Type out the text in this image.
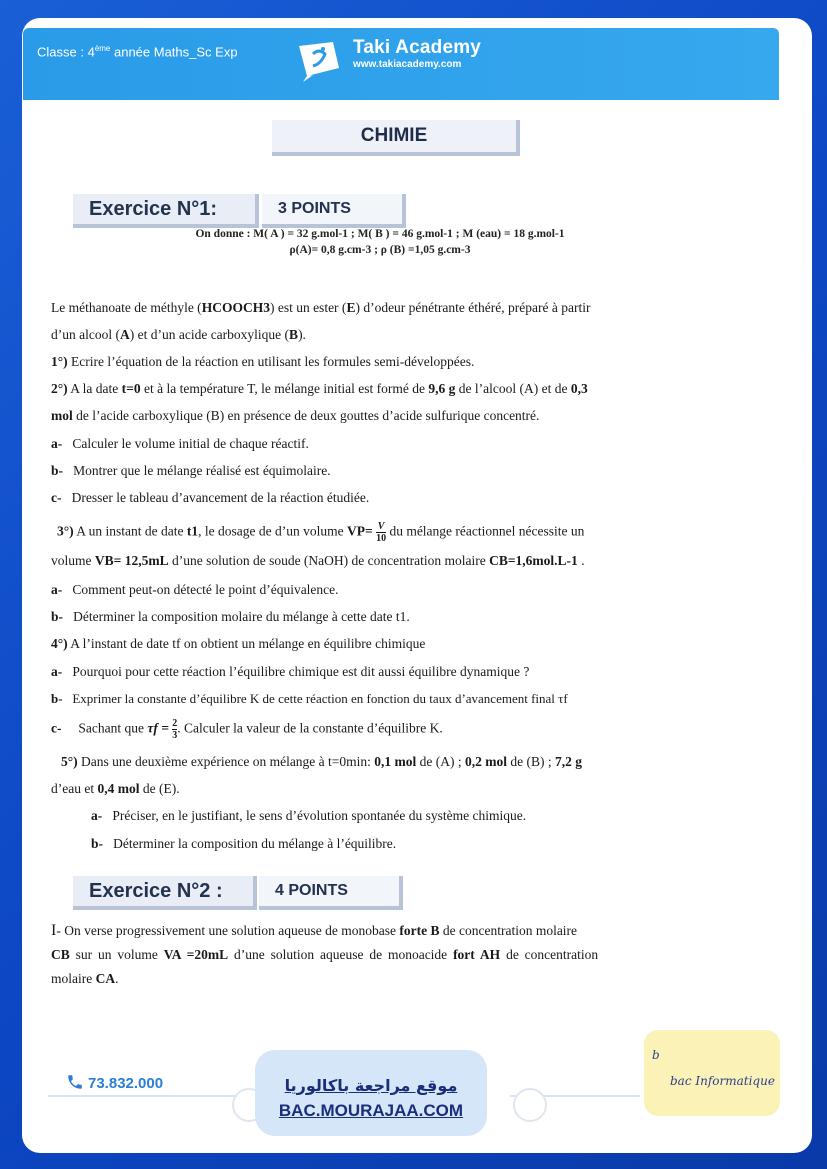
Classe : 4ème année Maths_Sc Exp	Taki Academy
www.takiacademy.com
CHIMIE
Exercice N°1:	3 POINTS
On donne : M( A ) = 32 g.mol-1 ; M( B ) = 46 g.mol-1 ; M (eau) = 18 g.mol-1
ρ(A)= 0,8 g.cm-3 ; ρ (B) =1,05 g.cm-3
Le méthanoate de méthyle (HCOOCH3) est un ester (E) d’odeur pénétrante éthéré, préparé à partir
d’un alcool (A) et d’un acide carboxylique (B).
1°) Ecrire l’équation de la réaction en utilisant les formules semi-développées.
2°) A la date t=0 et à la température T, le mélange initial est formé de 9,6 g de l’alcool (A) et de 0,3
mol de l’acide carboxylique (B) en présence de deux gouttes d’acide sulfurique concentré.
a- Calculer le volume initial de chaque réactif.
b- Montrer que le mélange réalisé est équimolaire.
c- Dresser le tableau d’avancement de la réaction étudiée.
3°) A un instant de date t1, le dosage de d’un volume $VP= \frac{V}{10}$ du mélange réactionnel nécessite un
volume VB= 12,5mL d’une solution de soude (NaOH) de concentration molaire CB=1,6mol.L-1 .
a- Comment peut-on détecté le point d’équivalence.
b- Déterminer la composition molaire du mélange à cette date t1.
4°) A l’instant de date tf on obtient un mélange en équilibre chimique
a- Pourquoi pour cette réaction l’équilibre chimique est dit aussi équilibre dynamique ?
b- Exprimer la constante d’équilibre K de cette réaction en fonction du taux d’avancement final τf
c- Sachant que $\tau f = \frac{2}{3}$ . Calculer la valeur de la constante d’équilibre K.
5°) Dans une deuxième expérience on mélange à t=0min: 0,1 mol de (A) ; 0,2 mol de (B) ; 7,2 g
d’eau et 0,4 mol de (E).
a- Préciser, en le justifiant, le sens d’évolution spontanée du système chimique.
b- Déterminer la composition du mélange à l’équilibre.
Exercice N°2 :	4 POINTS
I- On verse progressivement une solution aqueuse de monobase forte B de concentration molaire
CB sur un volume VA =20mL d’une solution aqueuse de monoacide fort AH de concentration
molaire CA.
73.832.000	موقع مراجعة باكالوريا
BAC.MOURAJAA.COM
b
bac Informatique
